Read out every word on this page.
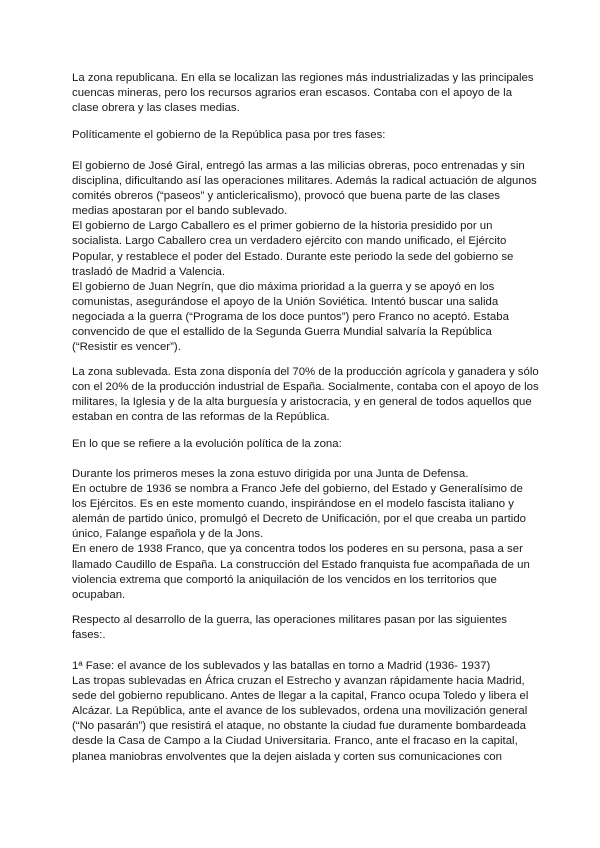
La zona republicana. En ella se localizan las regiones más industrializadas y las principales
cuencas mineras, pero los recursos agrarios eran escasos. Contaba con el apoyo de la
clase obrera y las clases medias.
Políticamente el gobierno de la República pasa por tres fases:
El gobierno de José Giral, entregó las armas a las milicias obreras, poco entrenadas y sin
disciplina, dificultando así las operaciones militares. Además la radical actuación de algunos
comités obreros (“paseos” y anticlericalismo), provocó que buena parte de las clases
medias apostaran por el bando sublevado.
El gobierno de Largo Caballero es el primer gobierno de la historia presidido por un
socialista. Largo Caballero crea un verdadero ejército con mando unificado, el Ejército
Popular, y restablece el poder del Estado. Durante este periodo la sede del gobierno se
trasladó de Madrid a Valencia.
El gobierno de Juan Negrín, que dio máxima prioridad a la guerra y se apoyó en los
comunistas, asegurándose el apoyo de la Unión Soviética. Intentó buscar una salida
negociada a la guerra (“Programa de los doce puntos”) pero Franco no aceptó. Estaba
convencido de que el estallido de la Segunda Guerra Mundial salvaría la República
(“Resistir es vencer”).
La zona sublevada. Esta zona disponía del 70% de la producción agrícola y ganadera y sólo
con el 20% de la producción industrial de España. Socialmente, contaba con el apoyo de los
militares, la Iglesia y de la alta burguesía y aristocracia, y en general de todos aquellos que
estaban en contra de las reformas de la República.
En lo que se refiere a la evolución política de la zona:
Durante los primeros meses la zona estuvo dirigida por una Junta de Defensa.
En octubre de 1936 se nombra a Franco Jefe del gobierno, del Estado y Generalísimo de
los Ejércitos. Es en este momento cuando, inspirándose en el modelo fascista italiano y
alemán de partido único, promulgó el Decreto de Unificación, por el que creaba un partido
único, Falange española y de la Jons.
En enero de 1938 Franco, que ya concentra todos los poderes en su persona, pasa a ser
llamado Caudillo de España. La construcción del Estado franquista fue acompañada de un
violencia extrema que comportó la aniquilación de los vencidos en los territorios que
ocupaban.
Respecto al desarrollo de la guerra, las operaciones militares pasan por las siguientes
fases:.
1ª Fase: el avance de los sublevados y las batallas en torno a Madrid (1936- 1937)
Las tropas sublevadas en África cruzan el Estrecho y avanzan rápidamente hacia Madrid,
sede del gobierno republicano. Antes de llegar a la capital, Franco ocupa Toledo y libera el
Alcázar. La República, ante el avance de los sublevados, ordena una movilización general
(“No pasarán”) que resistirá el ataque, no obstante la ciudad fue duramente bombardeada
desde la Casa de Campo a la Ciudad Universitaria. Franco, ante el fracaso en la capital,
planea maniobras envolventes que la dejen aislada y corten sus comunicaciones con
